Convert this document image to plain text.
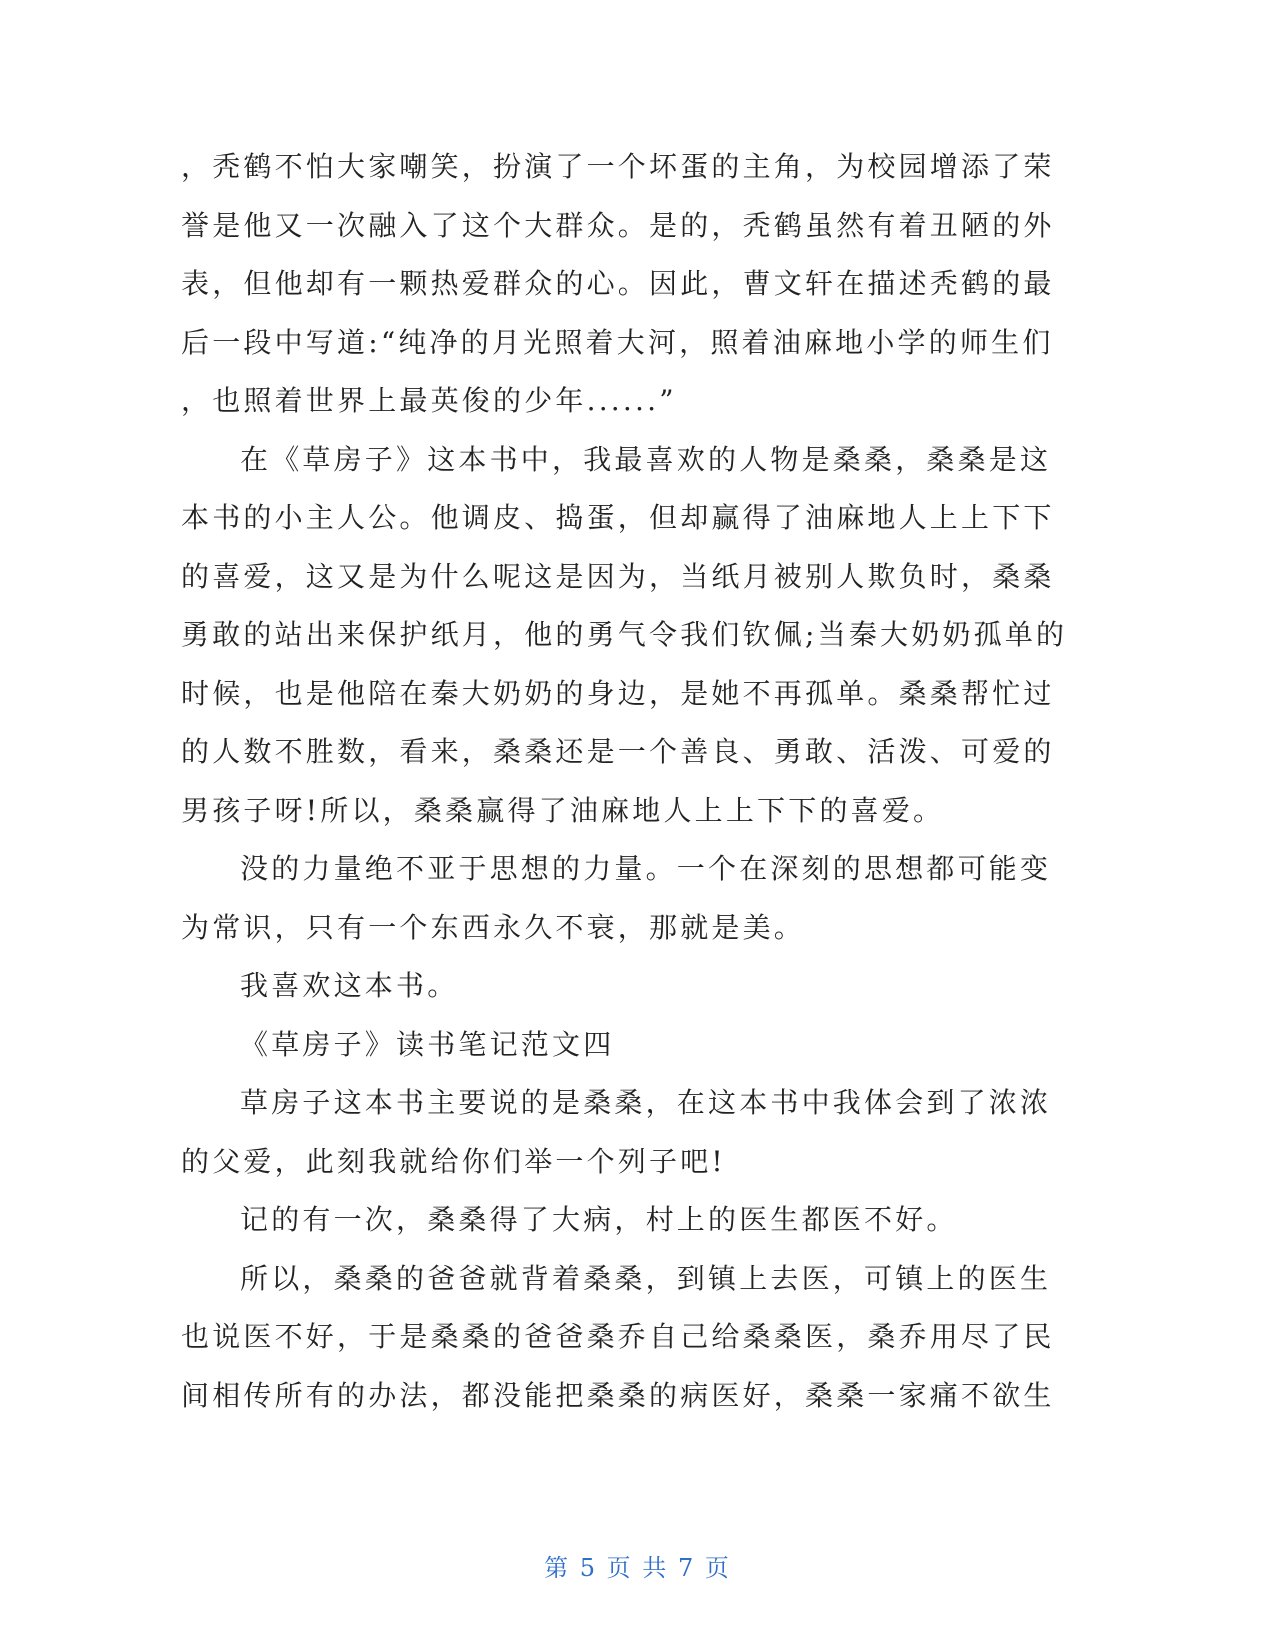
，秃鹤不怕大家嘲笑，扮演了一个坏蛋的主角，为校园增添了荣
誉是他又一次融入了这个大群众。是的，秃鹤虽然有着丑陋的外
表，但他却有一颗热爱群众的心。因此，曹文轩在描述秃鹤的最
后一段中写道:“纯净的月光照着大河，照着油麻地小学的师生们
，也照着世界上最英俊的少年......”
在《草房子》这本书中，我最喜欢的人物是桑桑，桑桑是这
本书的小主人公。他调皮、捣蛋，但却赢得了油麻地人上上下下
的喜爱，这又是为什么呢这是因为，当纸月被别人欺负时，桑桑
勇敢的站出来保护纸月，他的勇气令我们钦佩;当秦大奶奶孤单的
时候，也是他陪在秦大奶奶的身边，是她不再孤单。桑桑帮忙过
的人数不胜数，看来，桑桑还是一个善良、勇敢、活泼、可爱的
男孩子呀!所以，桑桑赢得了油麻地人上上下下的喜爱。
没的力量绝不亚于思想的力量。一个在深刻的思想都可能变
为常识，只有一个东西永久不衰，那就是美。
我喜欢这本书。
《草房子》读书笔记范文四
草房子这本书主要说的是桑桑，在这本书中我体会到了浓浓
的父爱，此刻我就给你们举一个列子吧!
记的有一次，桑桑得了大病，村上的医生都医不好。
所以，桑桑的爸爸就背着桑桑，到镇上去医，可镇上的医生
也说医不好，于是桑桑的爸爸桑乔自己给桑桑医，桑乔用尽了民
间相传所有的办法，都没能把桑桑的病医好，桑桑一家痛不欲生
第 5 页 共 7 页
